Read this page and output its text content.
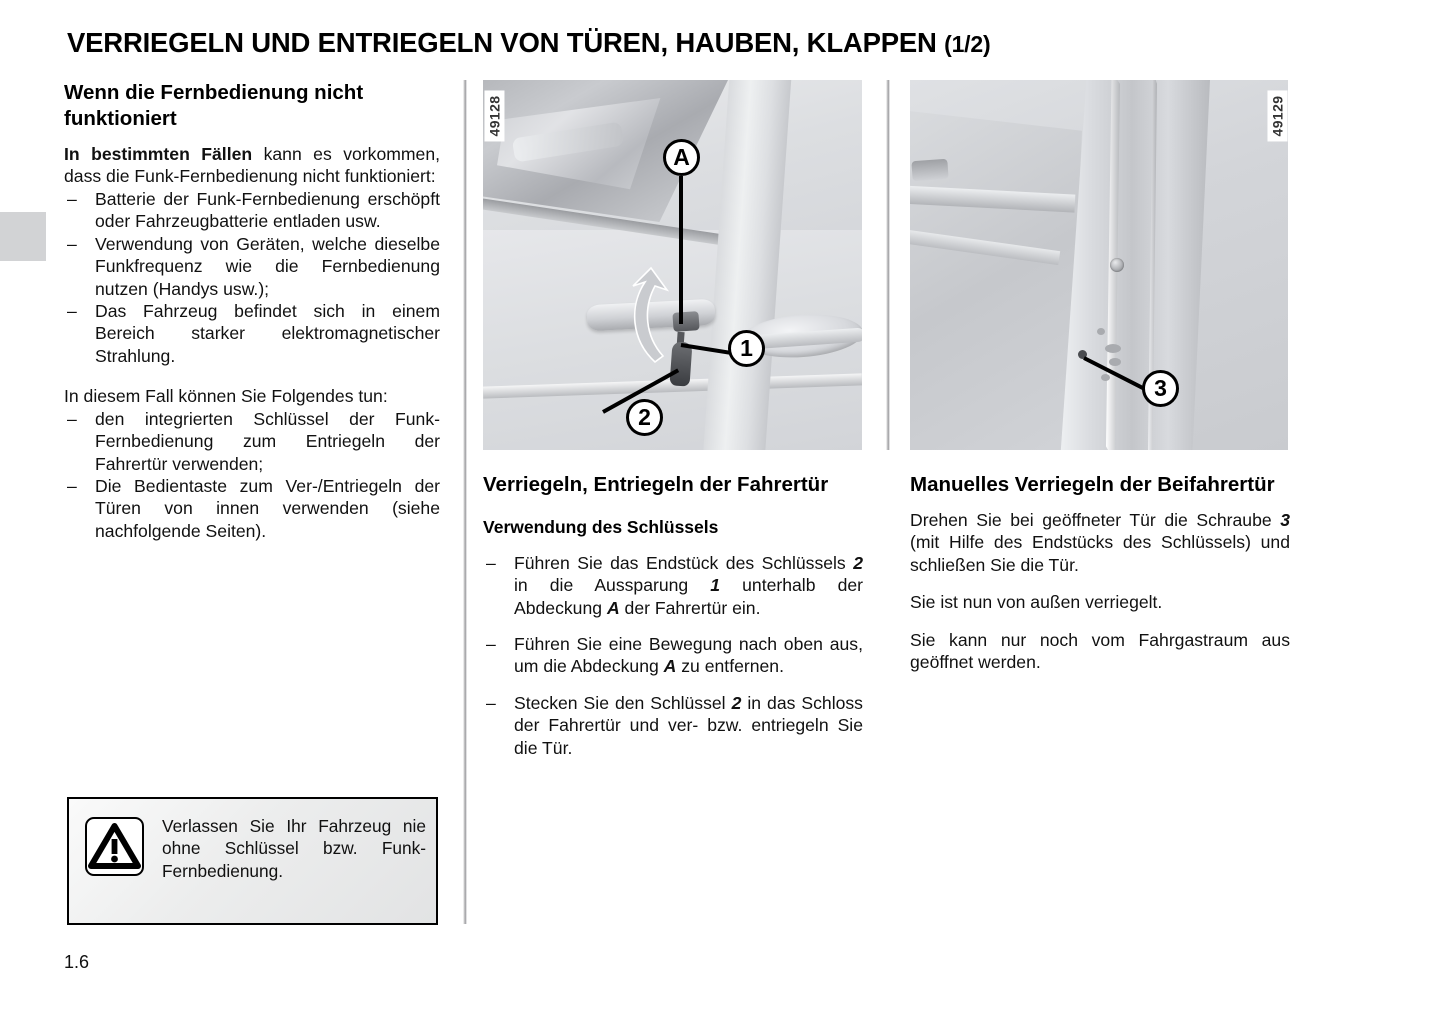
VERRIEGELN UND ENTRIEGELN VON TÜREN, HAUBEN, KLAPPEN (1/2)
Wenn die Fernbedienung nicht funktioniert

In bestimmten Fällen kann es vorkommen, dass die Funk-Fernbedienung nicht funktioniert:

– Batterie der Funk-Fernbedienung erschöpft oder Fahrzeugbatterie entladen usw.
– Verwendung von Geräten, welche dieselbe Funkfrequenz wie die Fernbedienung nutzen (Handys usw.);
– Das Fahrzeug befindet sich in einem Bereich starker elektromagnetischer Strahlung.

In diesem Fall können Sie Folgendes tun:

– den integrierten Schlüssel der Funk-Fernbedienung zum Entriegeln der Fahrertür verwenden;
– Die Bedientaste zum Ver-/Entriegeln der Türen von innen verwenden (siehe nachfolgende Seiten).
Verlassen Sie Ihr Fahrzeug nie ohne Schlüssel bzw. Funk-Fernbedienung.
A
1
2
49128
Verriegeln, Entriegeln der Fahrertür
Verwendung des Schlüssels
– Führen Sie das Endstück des Schlüssels 2 in die Aussparung 1 unterhalb der Abdeckung A der Fahrertür ein.
– Führen Sie eine Bewegung nach oben aus, um die Abdeckung A zu entfernen.
– Stecken Sie den Schlüssel 2 in das Schloss der Fahrertür und ver- bzw. entriegeln Sie die Tür.
3
49129
Manuelles Verriegeln der Beifahrertür

Drehen Sie bei geöffneter Tür die Schraube 3 (mit Hilfe des Endstücks des Schlüssels) und schließen Sie die Tür.

Sie ist nun von außen verriegelt.

Sie kann nur noch vom Fahrgastraum aus geöffnet werden.

1.6
